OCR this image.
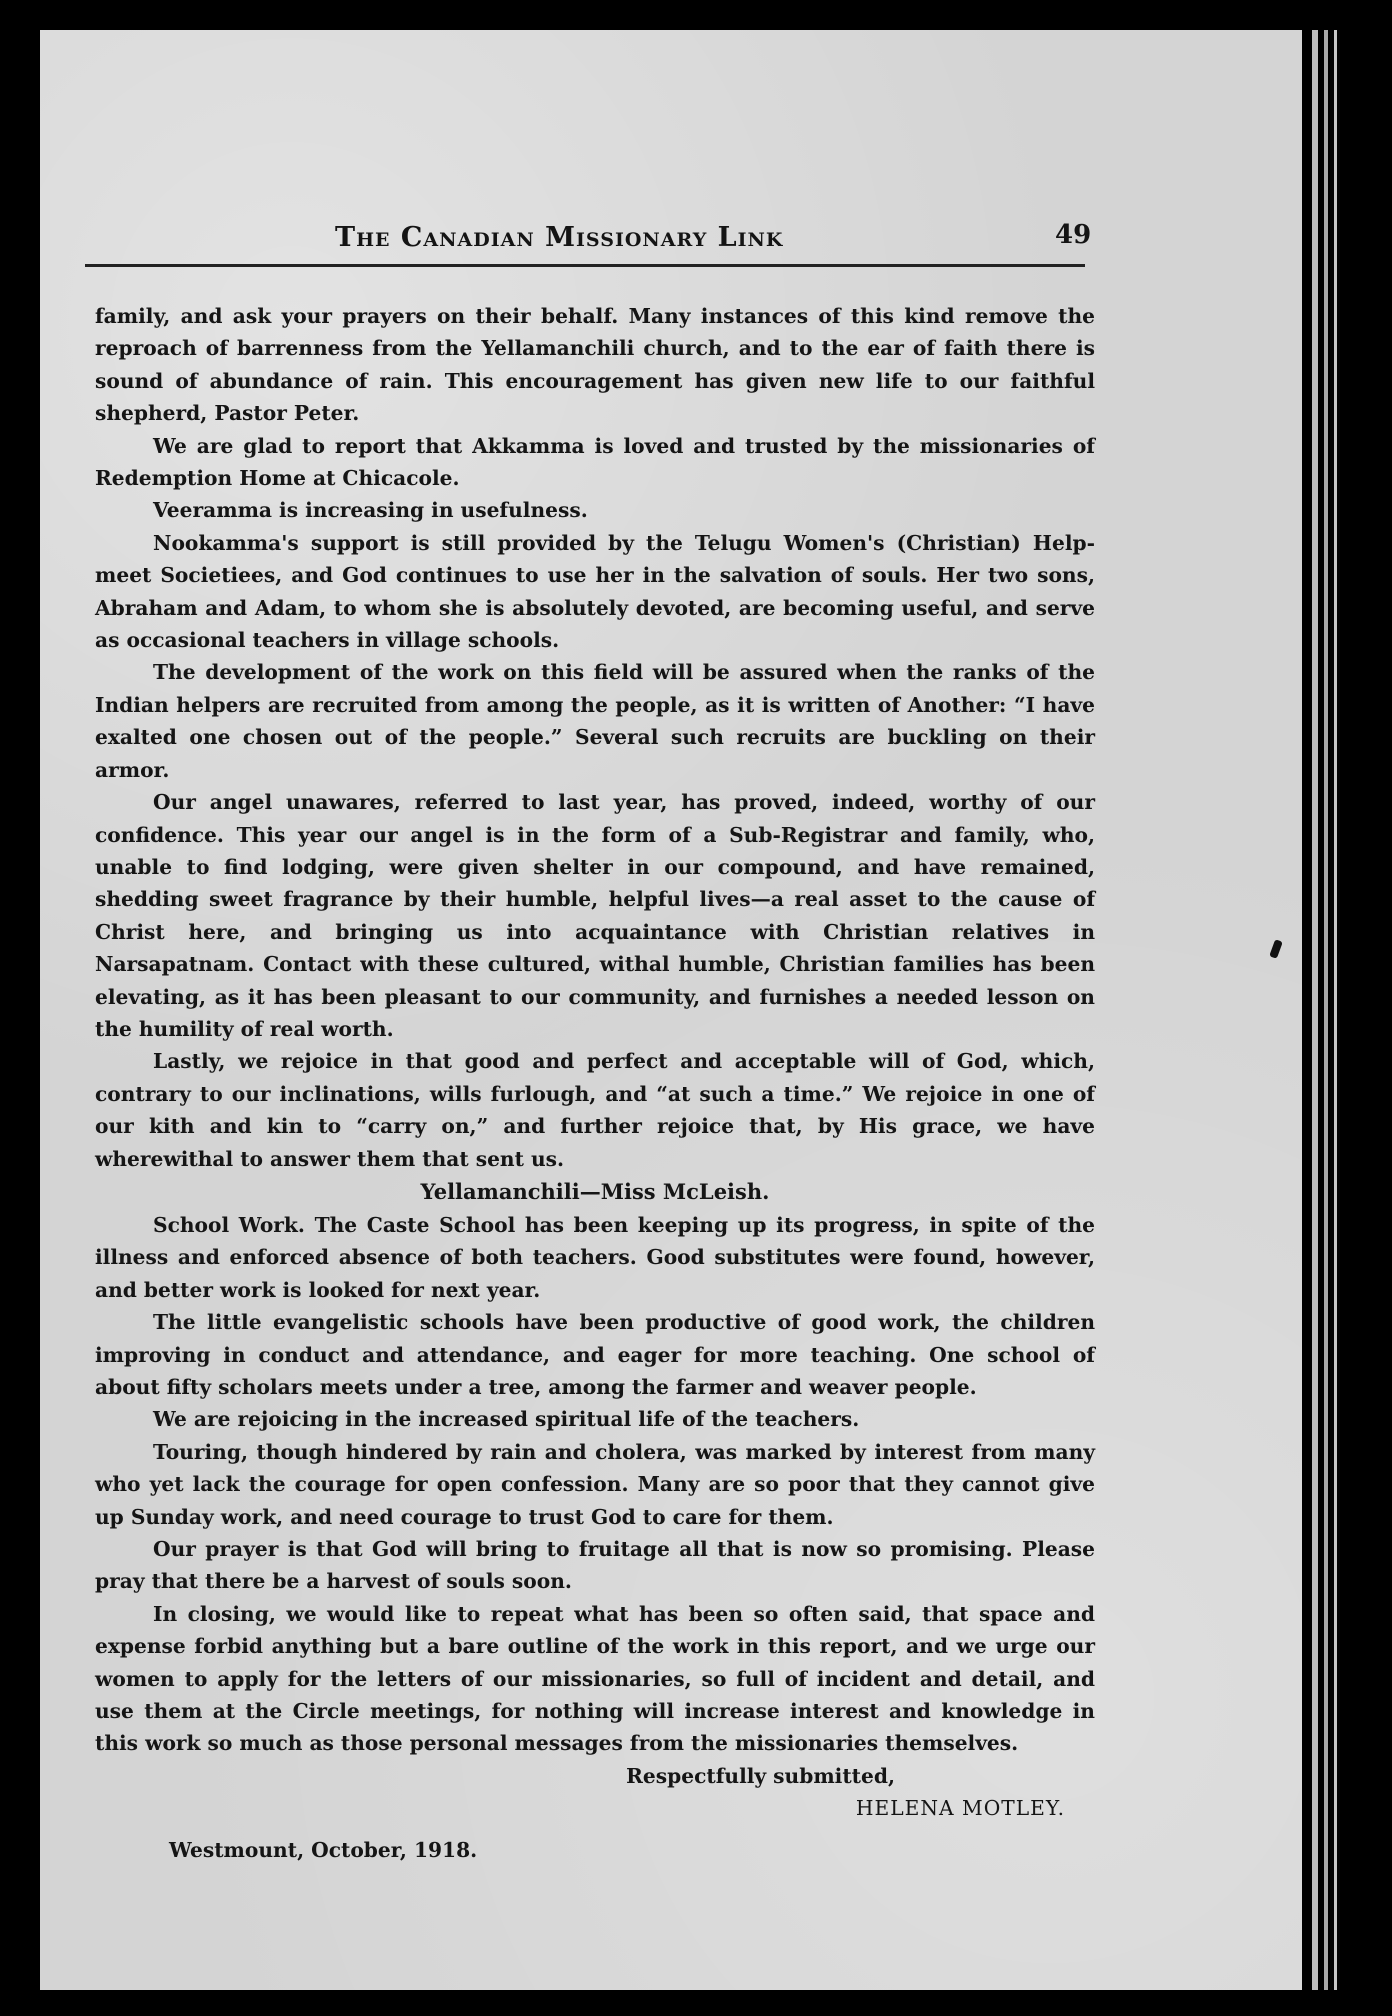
The Canadian Missionary Link	49

family, and ask your prayers on their behalf. Many instances of this kind remove the reproach of barrenness from the Yellamanchili church, and to the ear of faith there is sound of abundance of rain. This encouragement has given new life to our faithful shepherd, Pastor Peter.

We are glad to report that Akkamma is loved and trusted by the missionaries of Redemption Home at Chicacole.

Veeramma is increasing in usefulness.

Nookamma's support is still provided by the Telugu Women's (Christian) Help-meet Societiees, and God continues to use her in the salvation of souls. Her two sons, Abraham and Adam, to whom she is absolutely devoted, are becoming useful, and serve as occasional teachers in village schools.

The development of the work on this field will be assured when the ranks of the Indian helpers are recruited from among the people, as it is written of Another: “I have exalted one chosen out of the people.” Several such recruits are buckling on their armor.

Our angel unawares, referred to last year, has proved, indeed, worthy of our confidence. This year our angel is in the form of a Sub-Registrar and family, who, unable to find lodging, were given shelter in our compound, and have remained, shedding sweet fragrance by their humble, helpful lives—a real asset to the cause of Christ here, and bringing us into acquaintance with Christian relatives in Narsapatnam. Contact with these cultured, withal humble, Christian families has been elevating, as it has been pleasant to our community, and furnishes a needed lesson on the humility of real worth.

Lastly, we rejoice in that good and perfect and acceptable will of God, which, contrary to our inclinations, wills furlough, and “at such a time.” We rejoice in one of our kith and kin to “carry on,” and further rejoice that, by His grace, we have wherewithal to answer them that sent us.

Yellamanchili—Miss McLeish.

School Work. The Caste School has been keeping up its progress, in spite of the illness and enforced absence of both teachers. Good substitutes were found, however, and better work is looked for next year.

The little evangelistic schools have been productive of good work, the children improving in conduct and attendance, and eager for more teaching. One school of about fifty scholars meets under a tree, among the farmer and weaver people.

We are rejoicing in the increased spiritual life of the teachers.

Touring, though hindered by rain and cholera, was marked by interest from many who yet lack the courage for open confession. Many are so poor that they cannot give up Sunday work, and need courage to trust God to care for them.

Our prayer is that God will bring to fruitage all that is now so promising. Please pray that there be a harvest of souls soon.

In closing, we would like to repeat what has been so often said, that space and expense forbid anything but a bare outline of the work in this report, and we urge our women to apply for the letters of our missionaries, so full of incident and detail, and use them at the Circle meetings, for nothing will increase interest and knowledge in this work so much as those personal messages from the missionaries themselves.

Respectfully submitted,
HELENA MOTLEY.
Westmount, October, 1918.
